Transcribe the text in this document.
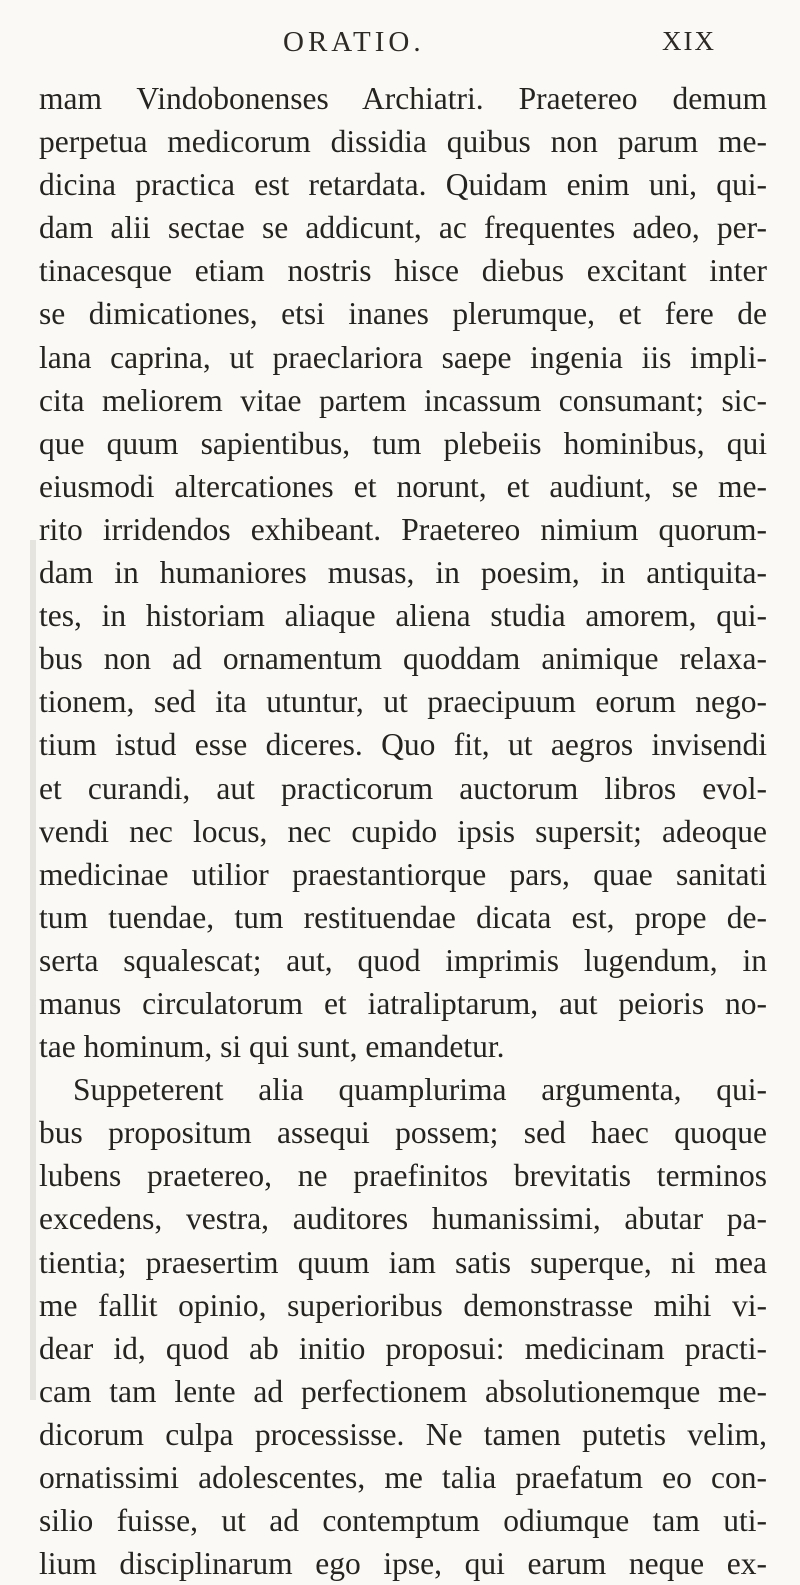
ORATIO.	XIX
mam Vindobonenses Archiatri. Praetereo demum
perpetua medicorum dissidia quibus non parum me-
dicina practica est retardata. Quidam enim uni, qui-
dam alii sectae se addicunt, ac frequentes adeo, per-
tinacesque etiam nostris hisce diebus excitant inter
se dimicationes, etsi inanes plerumque, et fere de
lana caprina, ut praeclariora saepe ingenia iis impli-
cita meliorem vitae partem incassum consumant; sic-
que quum sapientibus, tum plebeiis hominibus, qui
eiusmodi altercationes et norunt, et audiunt, se me-
rito irridendos exhibeant. Praetereo nimium quorum-
dam in humaniores musas, in poesim, in antiquita-
tes, in historiam aliaque aliena studia amorem, qui-
bus non ad ornamentum quoddam animique relaxa-
tionem, sed ita utuntur, ut praecipuum eorum nego-
tium istud esse diceres. Quo fit, ut aegros invisendi
et curandi, aut practicorum auctorum libros evol-
vendi nec locus, nec cupido ipsis supersit; adeoque
medicinae utilior praestantiorque pars, quae sanitati
tum tuendae, tum restituendae dicata est, prope de-
serta squalescat; aut, quod imprimis lugendum, in
manus circulatorum et iatraliptarum, aut peioris no-
tae hominum, si qui sunt, emandetur.
Suppeterent alia quamplurima argumenta, qui-
bus propositum assequi possem; sed haec quoque
lubens praetereo, ne praefinitos brevitatis terminos
excedens, vestra, auditores humanissimi, abutar pa-
tientia; praesertim quum iam satis superque, ni mea
me fallit opinio, superioribus demonstrasse mihi vi-
dear id, quod ab initio proposui: medicinam practi-
cam tam lente ad perfectionem absolutionemque me-
dicorum culpa processisse. Ne tamen putetis velim,
ornatissimi adolescentes, me talia praefatum eo con-
silio fuisse, ut ad contemptum odiumque tam uti-
lium disciplinarum ego ipse, qui earum neque ex-
